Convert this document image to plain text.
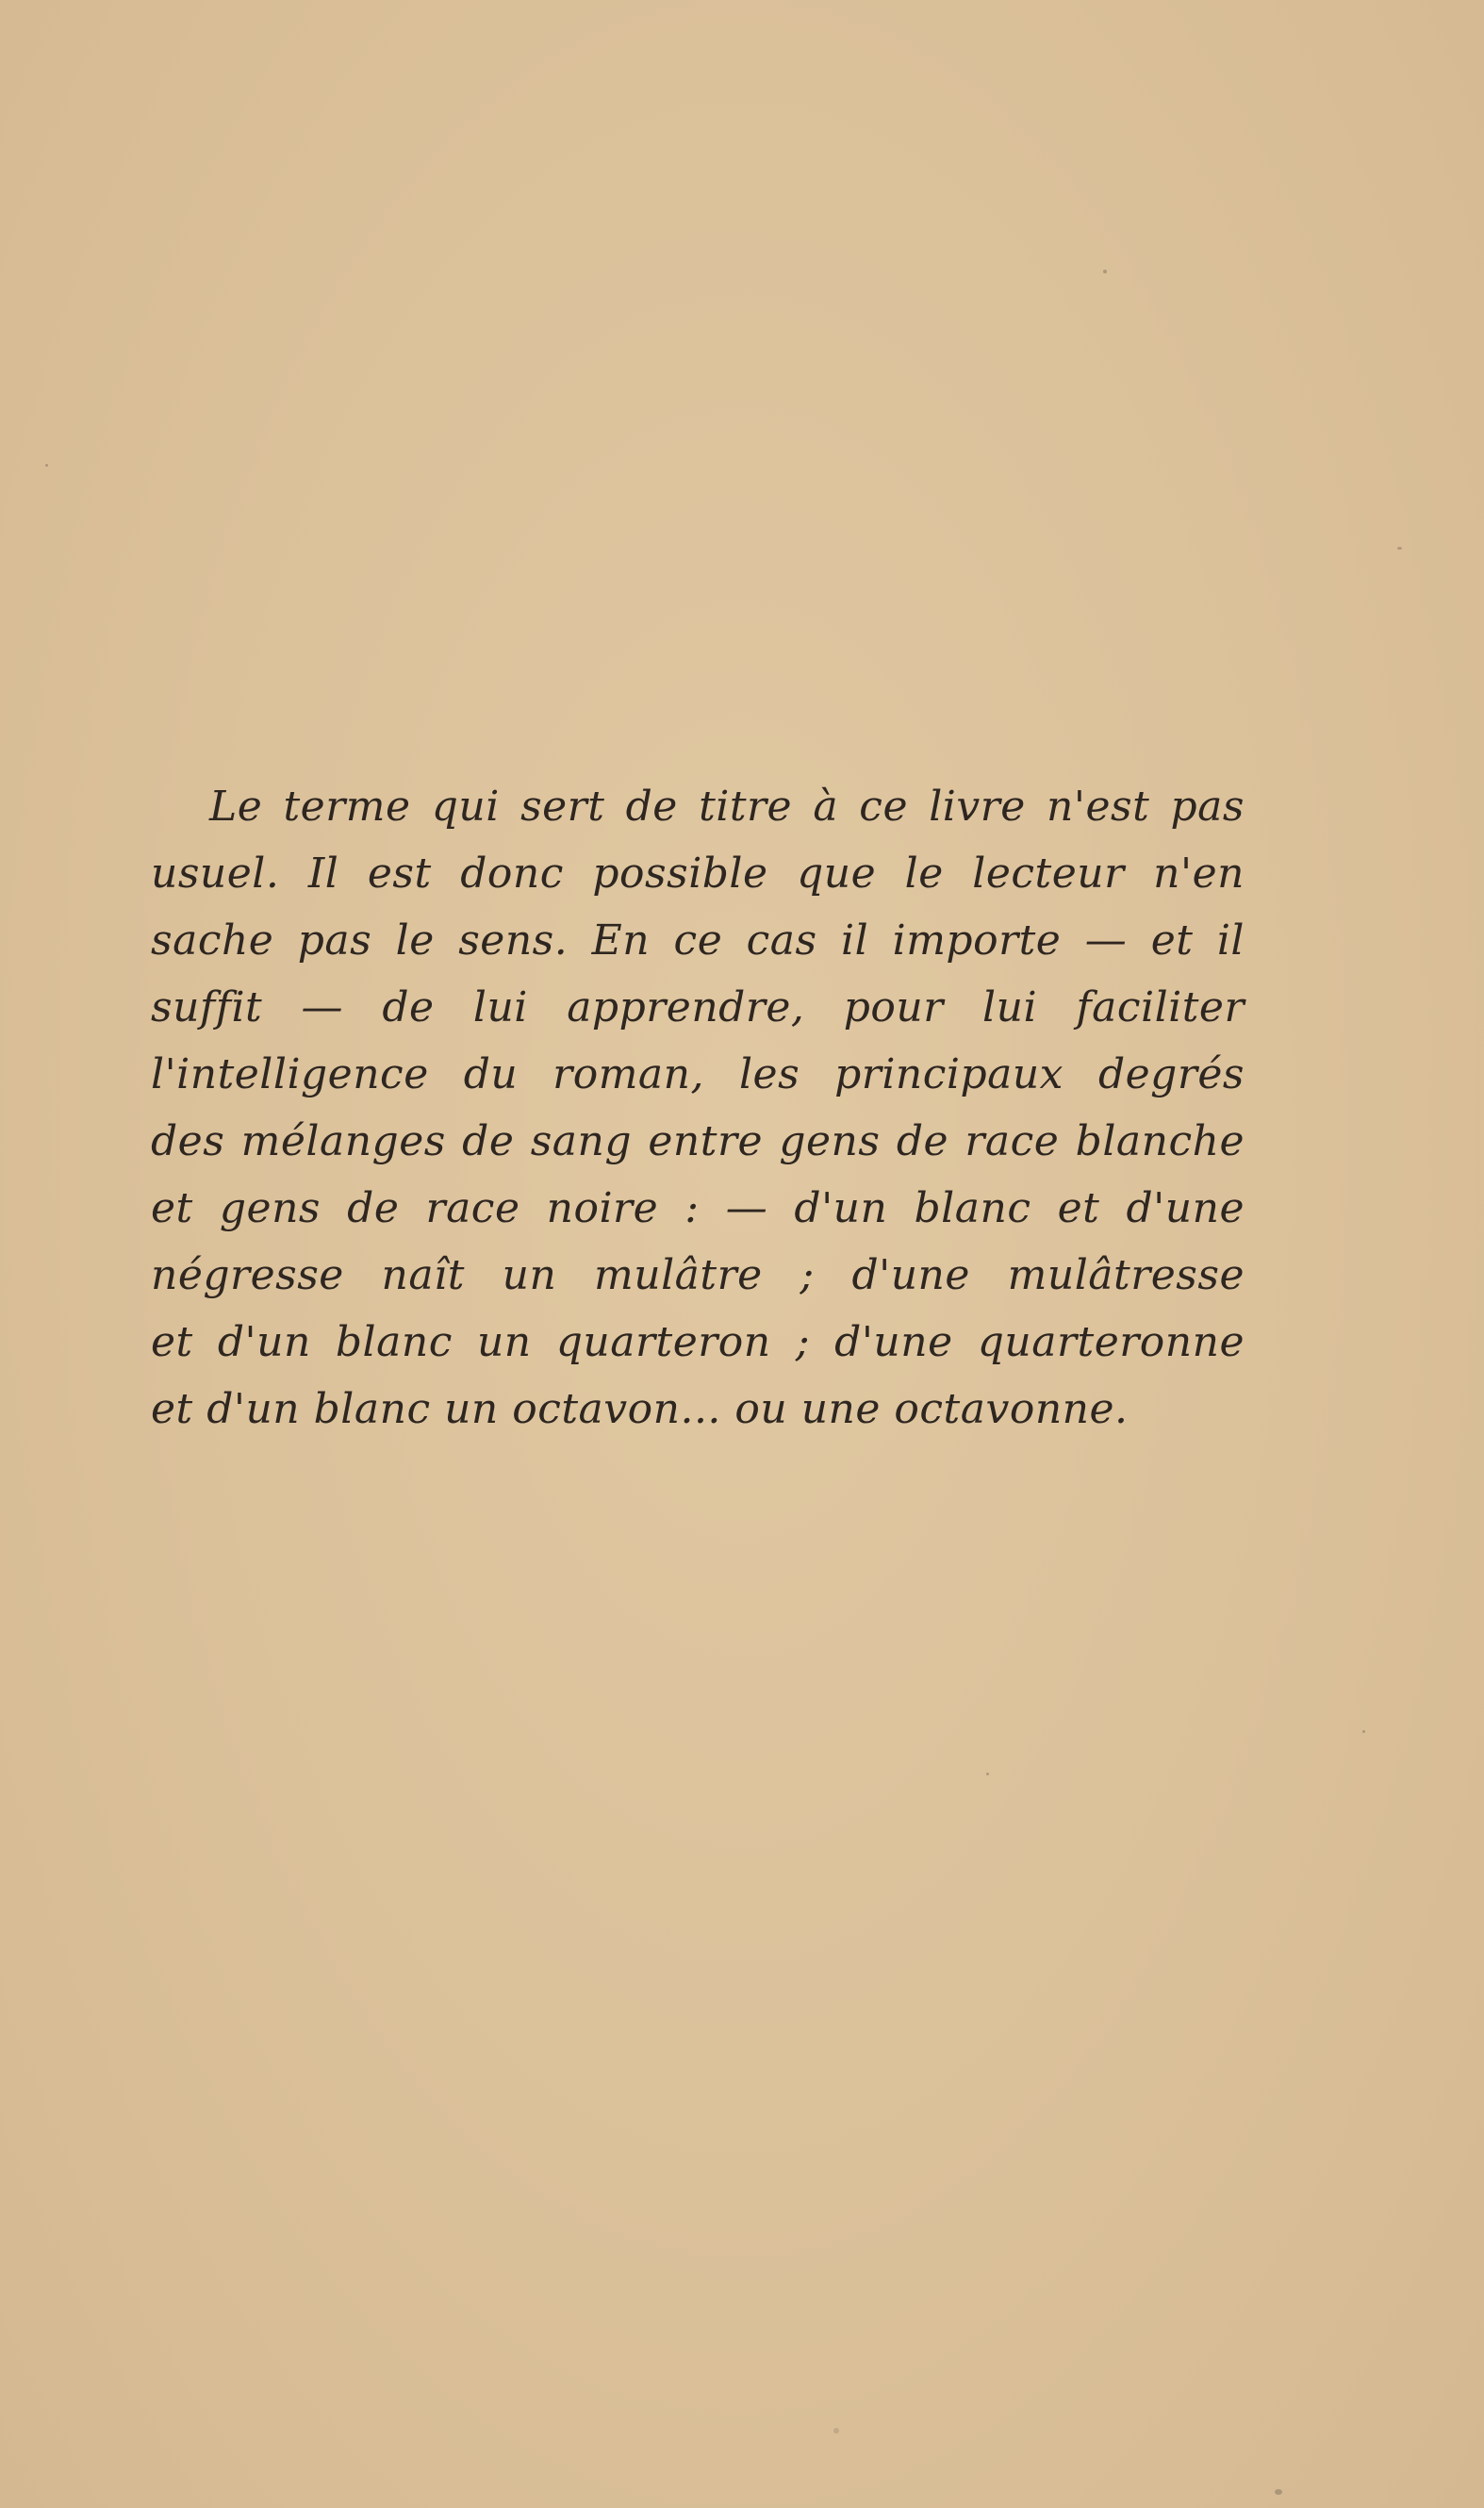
Le terme qui sert de titre à ce livre n'est pas
usuel. Il est donc possible que le lecteur n'en
sache pas le sens. En ce cas il importe — et il
suffit — de lui apprendre, pour lui faciliter
l'intelligence du roman, les principaux degrés
des mélanges de sang entre gens de race blanche
et gens de race noire : — d'un blanc et d'une
négresse naît un mulâtre ; d'une mulâtresse
et d'un blanc un quarteron ; d'une quarteronne
et d'un blanc un octavon... ou une octavonne.
